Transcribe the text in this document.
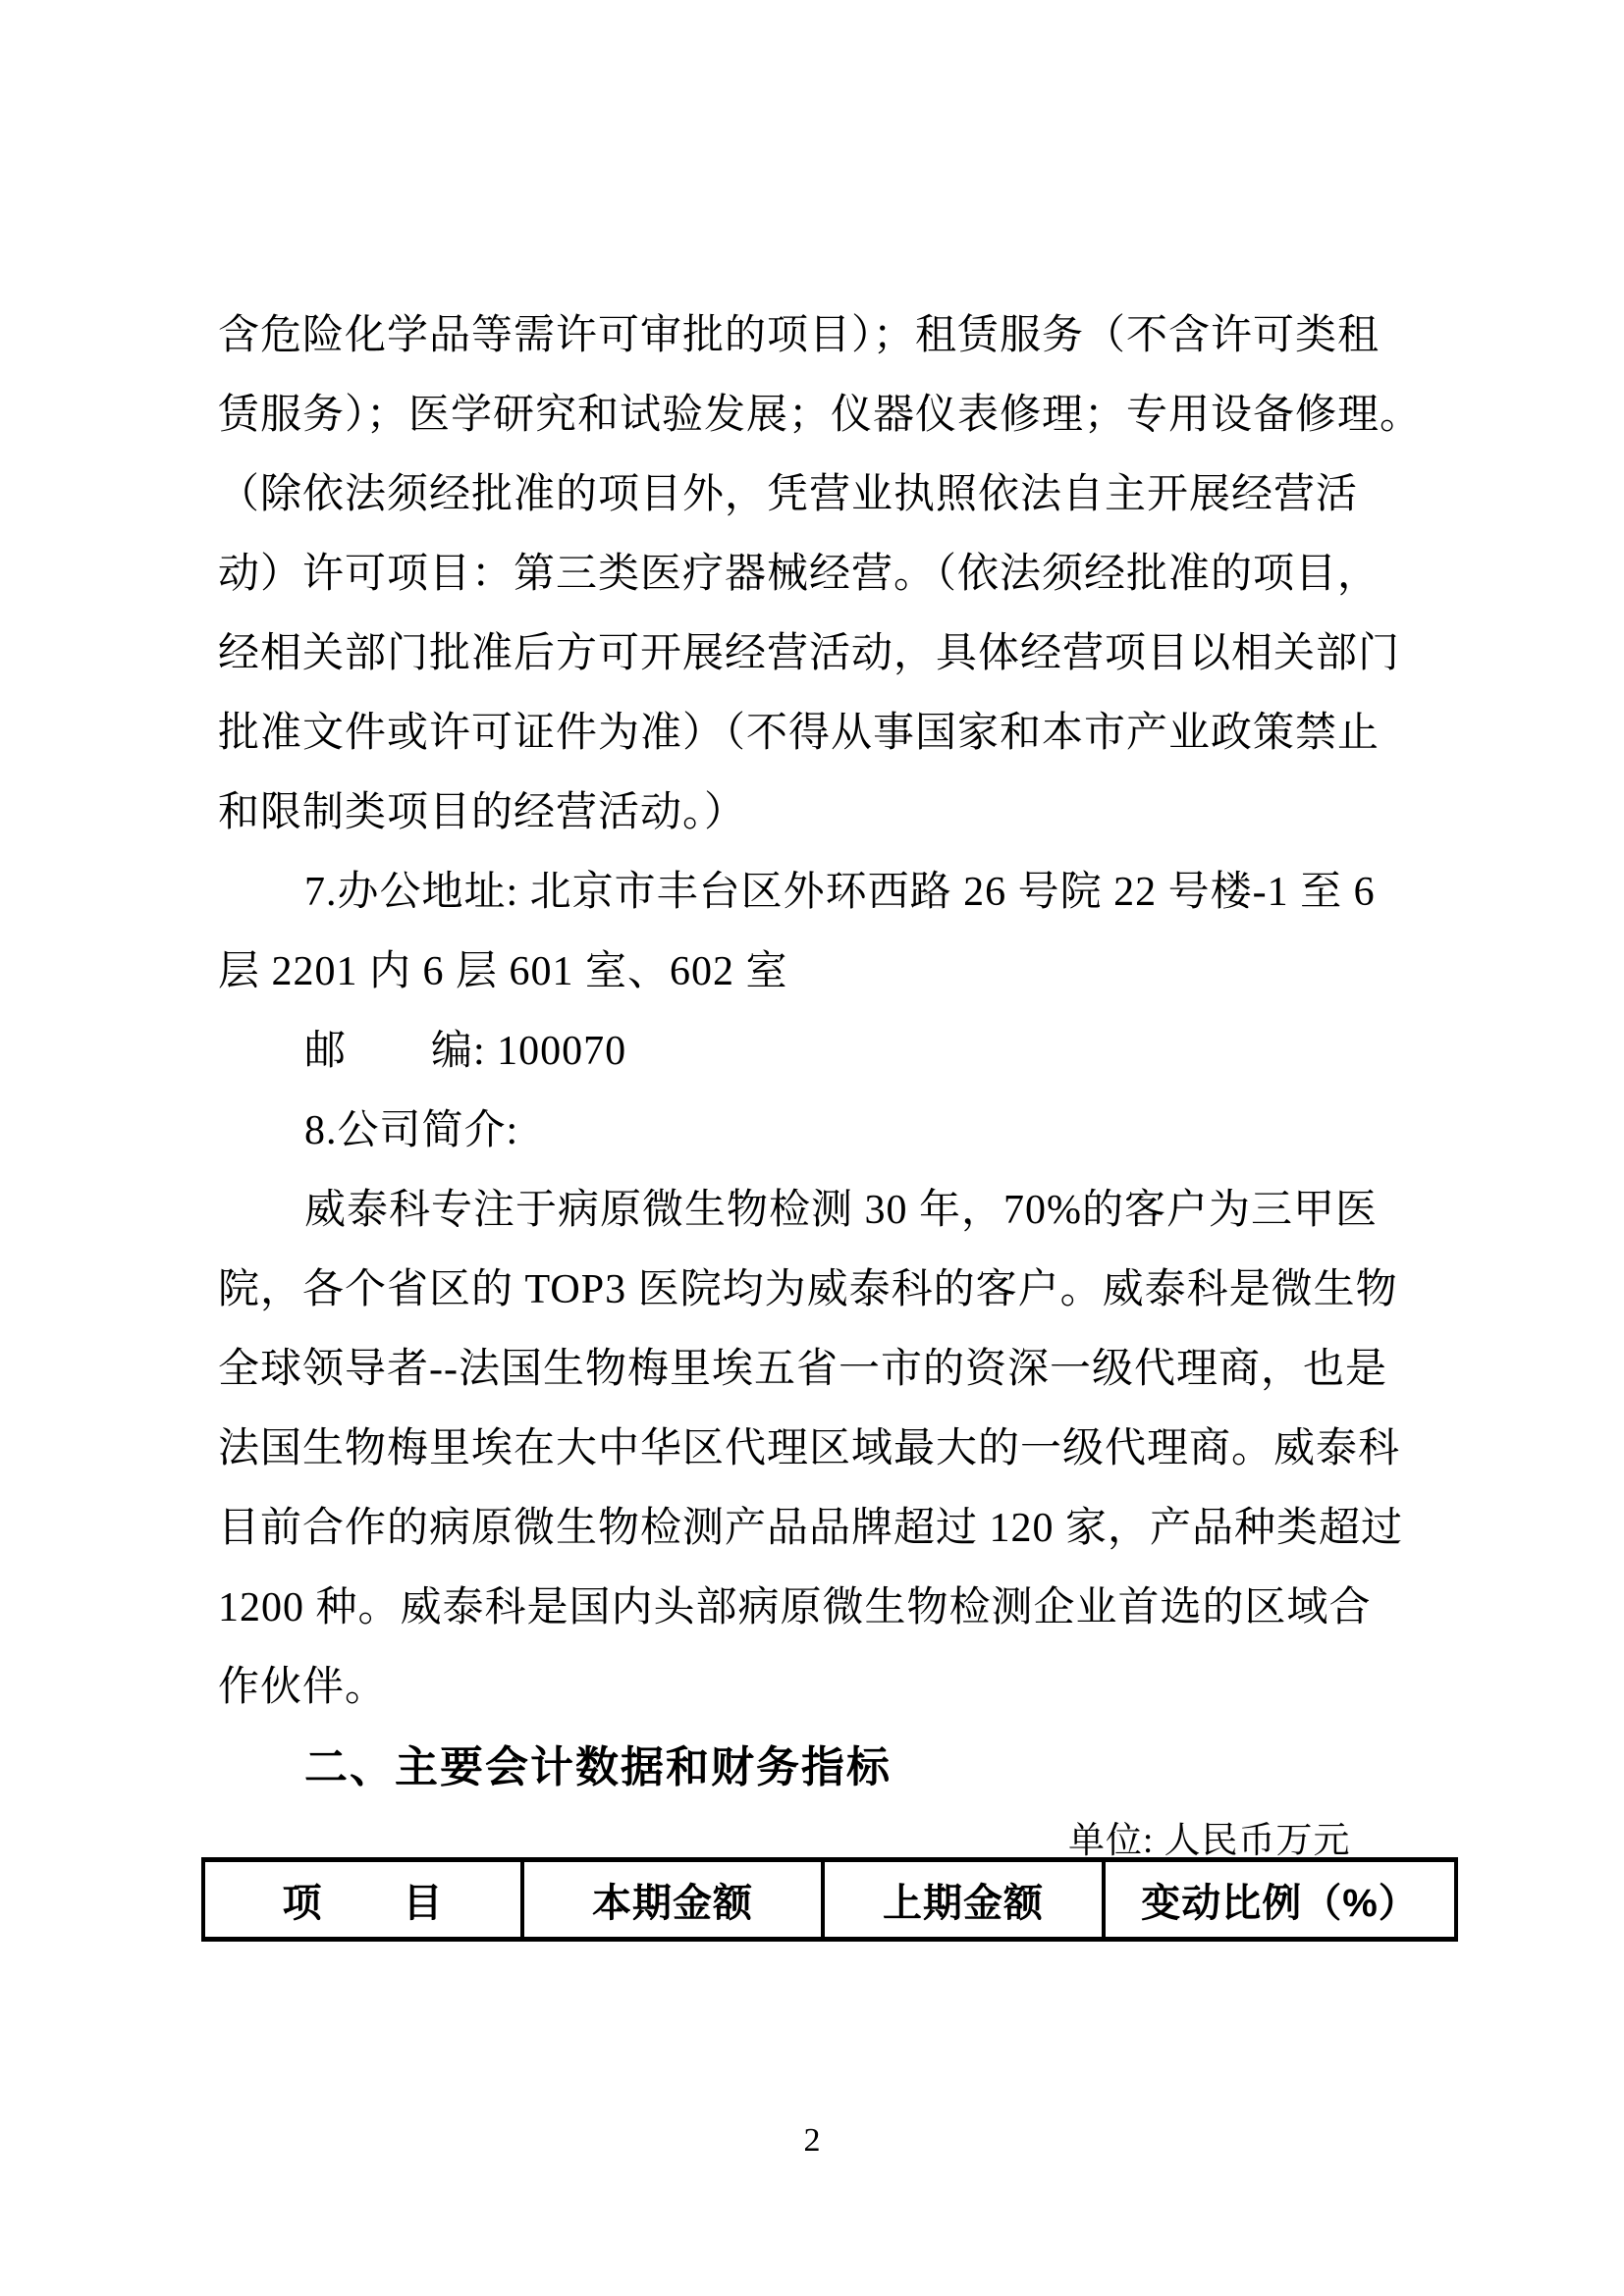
含危险化学品等需许可审批的项目）；租赁服务（不含许可类租
赁服务）；医学研究和试验发展；仪器仪表修理；专用设备修理。
（除依法须经批准的项目外，凭营业执照依法自主开展经营活
动）许可项目：第三类医疗器械经营。（依法须经批准的项目，
经相关部门批准后方可开展经营活动，具体经营项目以相关部门
批准文件或许可证件为准）（不得从事国家和本市产业政策禁止
和限制类项目的经营活动。）
7.办公地址: 北京市丰台区外环西路 26 号院 22 号楼-1 至 6
层 2201 内 6 层 601 室、602 室
邮　　编: 100070
8.公司简介:
威泰科专注于病原微生物检测 30 年，70%的客户为三甲医
院，各个省区的 TOP3 医院均为威泰科的客户。威泰科是微生物
全球领导者--法国生物梅里埃五省一市的资深一级代理商，也是
法国生物梅里埃在大中华区代理区域最大的一级代理商。威泰科
目前合作的病原微生物检测产品品牌超过 120 家，产品种类超过
1200 种。威泰科是国内头部病原微生物检测企业首选的区域合
作伙伴。
二、主要会计数据和财务指标
单位: 人民币万元
项　　目	本期金额	上期金额	变动比例（%）
2
